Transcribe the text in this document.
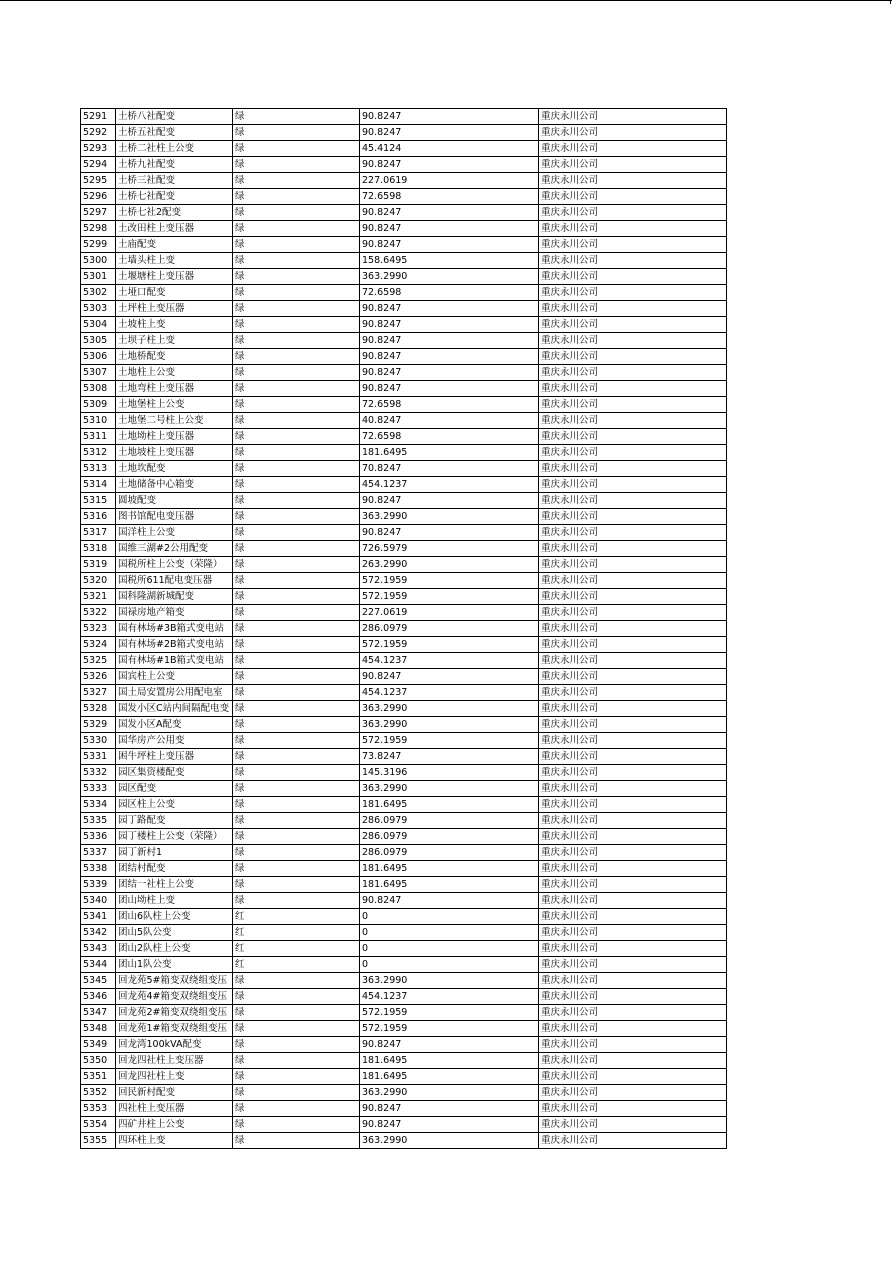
5291	土桥八社配变	绿	90.8247	重庆永川公司
5292	土桥五社配变	绿	90.8247	重庆永川公司
5293	土桥二社柱上公变	绿	45.4124	重庆永川公司
5294	土桥九社配变	绿	90.8247	重庆永川公司
5295	土桥三社配变	绿	227.0619	重庆永川公司
5296	土桥七社配变	绿	72.6598	重庆永川公司
5297	土桥七社2配变	绿	90.8247	重庆永川公司
5298	土改田柱上变压器	绿	90.8247	重庆永川公司
5299	土庙配变	绿	90.8247	重庆永川公司
5300	土墙头柱上变	绿	158.6495	重庆永川公司
5301	土堰塘柱上变压器	绿	363.2990	重庆永川公司
5302	土垭口配变	绿	72.6598	重庆永川公司
5303	土坪柱上变压器	绿	90.8247	重庆永川公司
5304	土坡柱上变	绿	90.8247	重庆永川公司
5305	土坝子柱上变	绿	90.8247	重庆永川公司
5306	土地桥配变	绿	90.8247	重庆永川公司
5307	土地柱上公变	绿	90.8247	重庆永川公司
5308	土地弯柱上变压器	绿	90.8247	重庆永川公司
5309	土地堡柱上公变	绿	72.6598	重庆永川公司
5310	土地堡二号柱上公变	绿	40.8247	重庆永川公司
5311	土地坳柱上变压器	绿	72.6598	重庆永川公司
5312	土地坡柱上变压器	绿	181.6495	重庆永川公司
5313	土地坎配变	绿	70.8247	重庆永川公司
5314	土地储备中心箱变	绿	454.1237	重庆永川公司
5315	圆坡配变	绿	90.8247	重庆永川公司
5316	图书馆配电变压器	绿	363.2990	重庆永川公司
5317	国洋柱上公变	绿	90.8247	重庆永川公司
5318	国维三湖#2公用配变	绿	726.5979	重庆永川公司
5319	国税所柱上公变（荣隆）	绿	263.2990	重庆永川公司
5320	国税所611配电变压器	绿	572.1959	重庆永川公司
5321	国科隆湖新城配变	绿	572.1959	重庆永川公司
5322	国禄房地产箱变	绿	227.0619	重庆永川公司
5323	国有林场#3B箱式变电站	绿	286.0979	重庆永川公司
5324	国有林场#2B箱式变电站	绿	572.1959	重庆永川公司
5325	国有林场#1B箱式变电站	绿	454.1237	重庆永川公司
5326	国宾柱上公变	绿	90.8247	重庆永川公司
5327	国土局安置房公用配电室	绿	454.1237	重庆永川公司
5328	国发小区C站内间隔配电变	绿	363.2990	重庆永川公司
5329	国发小区A配变	绿	363.2990	重庆永川公司
5330	国华房产公用变	绿	572.1959	重庆永川公司
5331	困牛坪柱上变压器	绿	73.8247	重庆永川公司
5332	园区集资楼配变	绿	145.3196	重庆永川公司
5333	园区配变	绿	363.2990	重庆永川公司
5334	园区柱上公变	绿	181.6495	重庆永川公司
5335	园丁路配变	绿	286.0979	重庆永川公司
5336	园丁楼柱上公变（荣隆）	绿	286.0979	重庆永川公司
5337	园丁新村1	绿	286.0979	重庆永川公司
5338	团结村配变	绿	181.6495	重庆永川公司
5339	团结一社柱上公变	绿	181.6495	重庆永川公司
5340	团山坳柱上变	绿	90.8247	重庆永川公司
5341	团山6队柱上公变	红	0	重庆永川公司
5342	团山5队公变	红	0	重庆永川公司
5343	团山2队柱上公变	红	0	重庆永川公司
5344	团山1队公变	红	0	重庆永川公司
5345	回龙苑5#箱变双绕组变压	绿	363.2990	重庆永川公司
5346	回龙苑4#箱变双绕组变压	绿	454.1237	重庆永川公司
5347	回龙苑2#箱变双绕组变压	绿	572.1959	重庆永川公司
5348	回龙苑1#箱变双绕组变压	绿	572.1959	重庆永川公司
5349	回龙湾100kVA配变	绿	90.8247	重庆永川公司
5350	回龙四社柱上变压器	绿	181.6495	重庆永川公司
5351	回龙四社柱上变	绿	181.6495	重庆永川公司
5352	回民新村配变	绿	363.2990	重庆永川公司
5353	四社柱上变压器	绿	90.8247	重庆永川公司
5354	四矿井柱上公变	绿	90.8247	重庆永川公司
5355	四环柱上变	绿	363.2990	重庆永川公司
